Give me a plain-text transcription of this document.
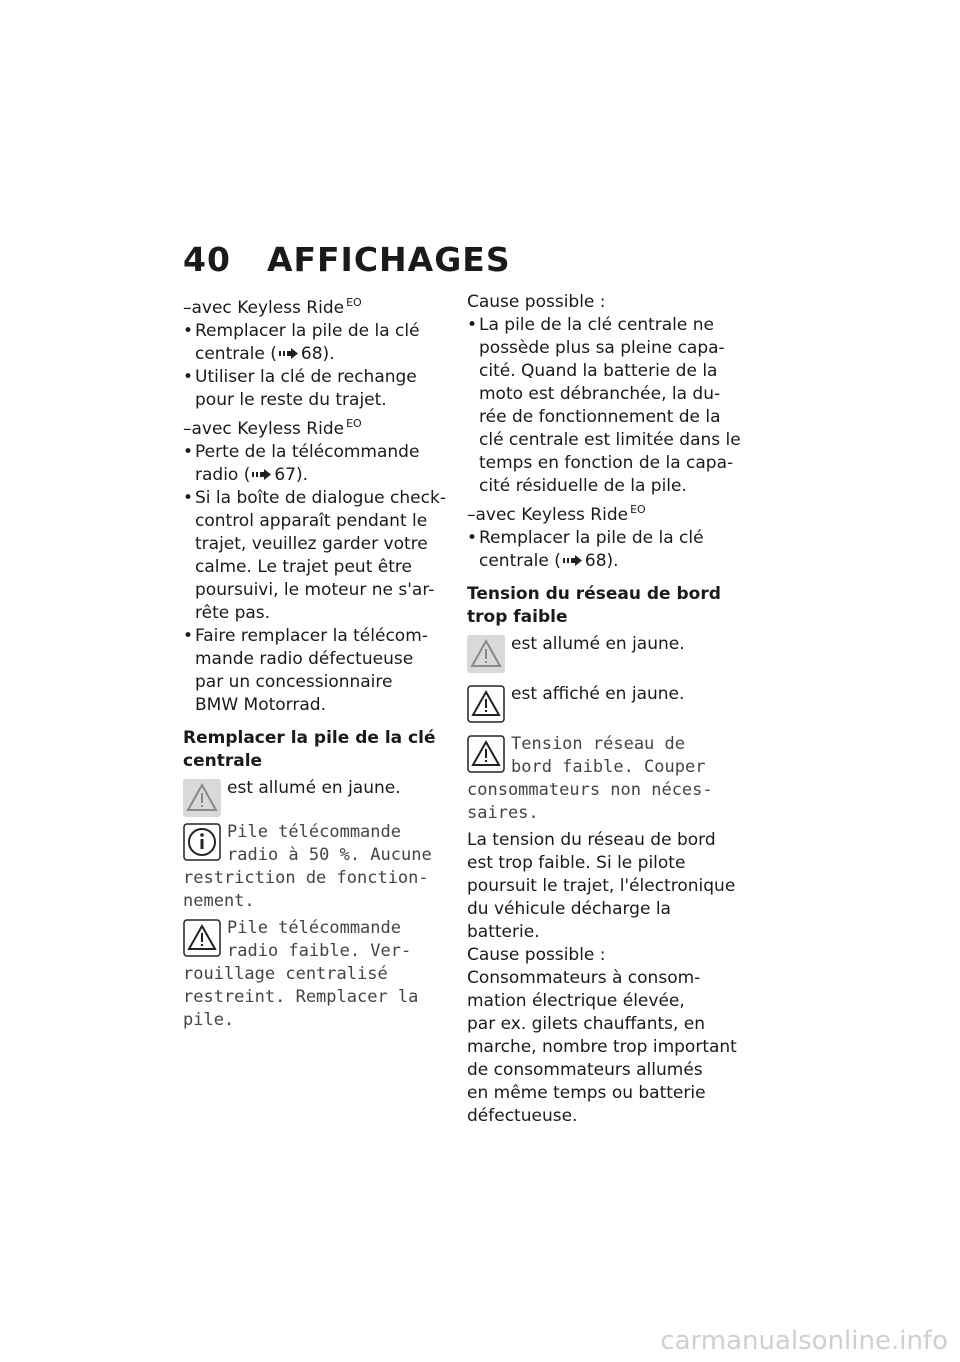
40 AFFICHAGES
–avec Keyless Ride $^{EO}$
• Remplacer la pile de la clé
centrale ( 68).
• Utiliser la clé de rechange
pour le reste du trajet.
–avec Keyless Ride $^{EO}$
• Perte de la télécommande
radio ( 67).
• Si la boîte de dialogue check-
control apparaît pendant le
trajet, veuillez garder votre
calme. Le trajet peut être
poursuivi, le moteur ne s'ar-
rête pas.
• Faire remplacer la télécom-
mande radio défectueuse
par un concessionnaire
BMW Motorrad.
Remplacer la pile de la clé
centrale
est allumé en jaune.
Pile télécommande
radio à 50 %. Aucune
restriction de fonction-
nement.
Pile télécommande
radio faible. Ver-
rouillage centralisé
restreint. Remplacer la
pile.
Cause possible :
• La pile de la clé centrale ne
possède plus sa pleine capa-
cité. Quand la batterie de la
moto est débranchée, la du-
rée de fonctionnement de la
clé centrale est limitée dans le
temps en fonction de la capa-
cité résiduelle de la pile.
–avec Keyless Ride $^{EO}$
• Remplacer la pile de la clé
centrale ( 68).
Tension du réseau de bord
trop faible
est allumé en jaune.
est affiché en jaune.
Tension réseau de
bord faible. Couper
consommateurs non néces-
saires.
La tension du réseau de bord
est trop faible. Si le pilote
poursuit le trajet, l'électronique
du véhicule décharge la
batterie.
Cause possible :
Consommateurs à consom-
mation électrique élevée,
par ex. gilets chauffants, en
marche, nombre trop important
de consommateurs allumés
en même temps ou batterie
défectueuse.
carmanualsonline.info
